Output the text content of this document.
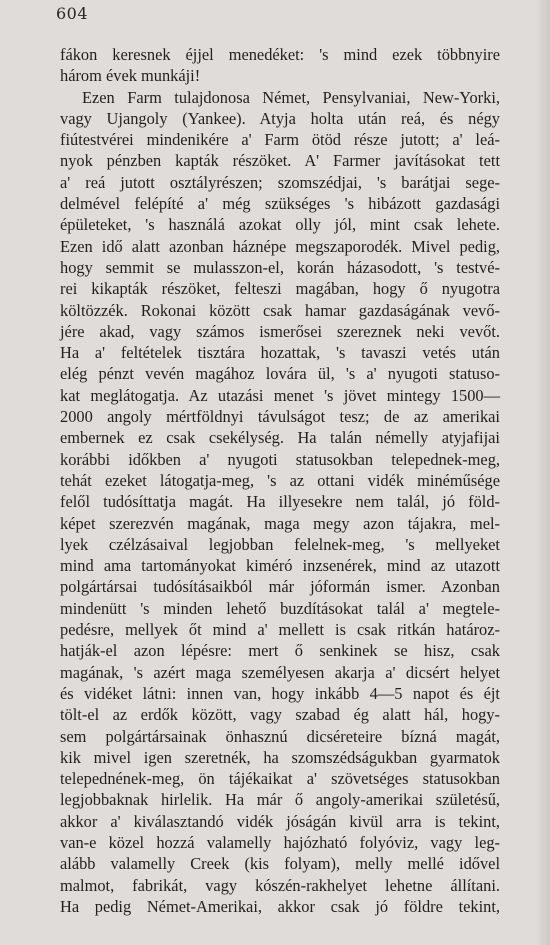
604
fákon keresnek éjjel menedéket: 's mind ezek többnyire
három évek munkáji!
Ezen Farm tulajdonosa Német, Pensylvaniai, New-Yorki,
vagy Ujangoly (Yankee). Atyja holta után reá, és négy
fiútestvérei mindenikére a' Farm ötöd része jutott; a' leá-
nyok pénzben kapták részöket. A' Farmer javításokat tett
a' reá jutott osztályrészen; szomszédjai, 's barátjai sege-
delmével felépíté a' még szükséges 's hibázott gazdasági
épületeket, 's használá azokat olly jól, mint csak lehete.
Ezen idő alatt azonban háznépe megszaporodék. Mivel pedig,
hogy semmit se mulasszon-el, korán házasodott, 's testvé-
rei kikapták részöket, felteszi magában, hogy ő nyugotra
költözzék. Rokonai között csak hamar gazdaságának vevő-
jére akad, vagy számos ismerősei szereznek neki vevőt.
Ha a' feltételek tisztára hozattak, 's tavaszi vetés után
elég pénzt vevén magához lovára ül, 's a' nyugoti statuso-
kat meglátogatja. Az utazási menet 's jövet mintegy 1500—
2000 angoly mértföldnyi távulságot tesz; de az amerikai
embernek ez csak csekélység. Ha talán némelly atyjafijai
korábbi időkben a' nyugoti statusokban telepednek-meg,
tehát ezeket látogatja-meg, 's az ottani vidék minéműsége
felől tudósíttatja magát. Ha illyesekre nem talál, jó föld-
képet szerezvén magának, maga megy azon tájakra, mel-
lyek czélzásaival legjobban felelnek-meg, 's mellyeket
mind ama tartományokat kiméró inzsenérek, mind az utazott
polgártársai tudósításaikból már jóformán ismer. Azonban
mindenütt 's minden lehető buzdításokat talál a' megtele-
pedésre, mellyek őt mind a' mellett is csak ritkán határoz-
hatják-el azon lépésre: mert ő senkinek se hisz, csak
magának, 's azért maga személyesen akarja a' dicsért helyet
és vidéket látni: innen van, hogy inkább 4—5 napot és éjt
tölt-el az erdők között, vagy szabad ég alatt hál, hogy-
sem polgártársainak önhasznú dicséreteire bízná magát,
kik mivel igen szeretnék, ha szomszédságukban gyarmatok
telepednének-meg, ön tájékaikat a' szövetséges statusokban
legjobbaknak hirlelik. Ha már ő angoly-amerikai születésű,
akkor a' kiválasztandó vidék jóságán kivül arra is tekint,
van-e közel hozzá valamelly hajózható folyóviz, vagy leg-
alább valamelly Creek (kis folyam), melly mellé idővel
malmot, fabrikát, vagy kószén-rakhelyet lehetne állítani.
Ha pedig Német-Amerikai, akkor csak jó földre tekint,
